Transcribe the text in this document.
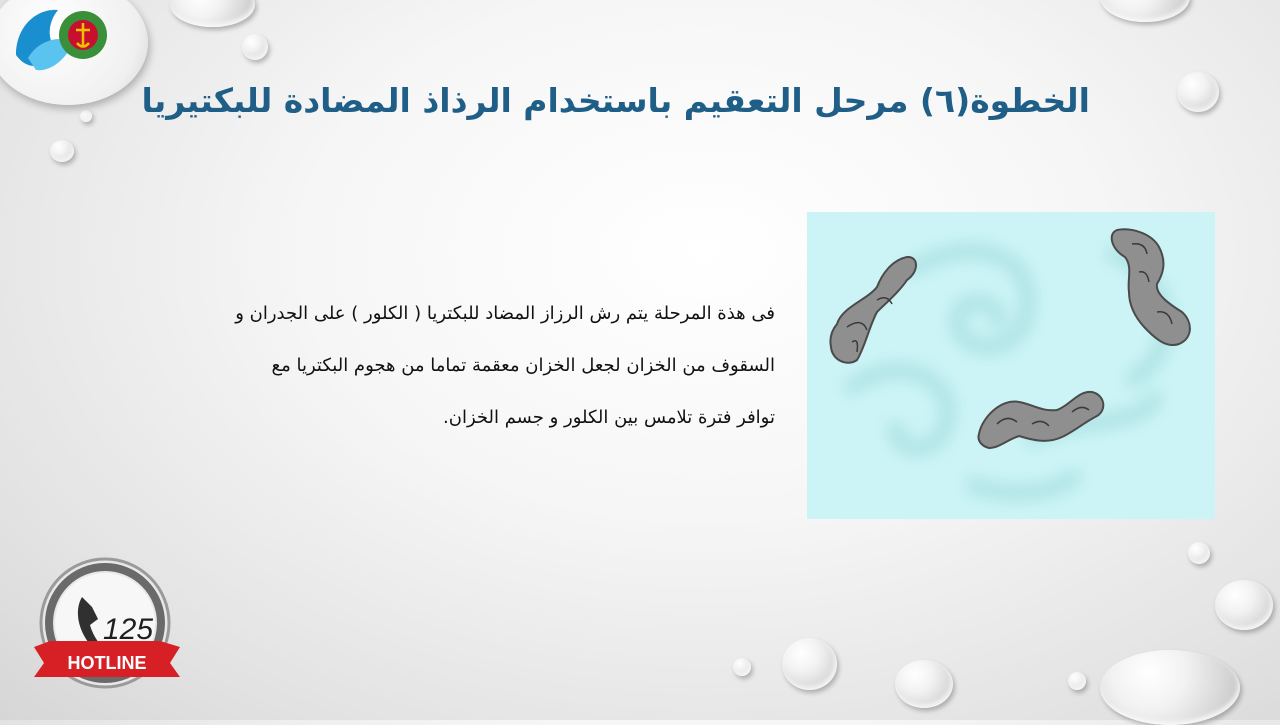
الخطوة(٦) مرحل التعقيم باستخدام الرذاذ المضادة للبكتيريا

فى هذة المرحلة يتم رش الرزاز المضاد للبكتريا ( الكلور ) على الجدران و

السقوف من الخزان لجعل الخزان معقمة تماما من هجوم البكتريا مع

توافر فترة تلامس بين الكلور و جسم الخزان.

125
HOTLINE
